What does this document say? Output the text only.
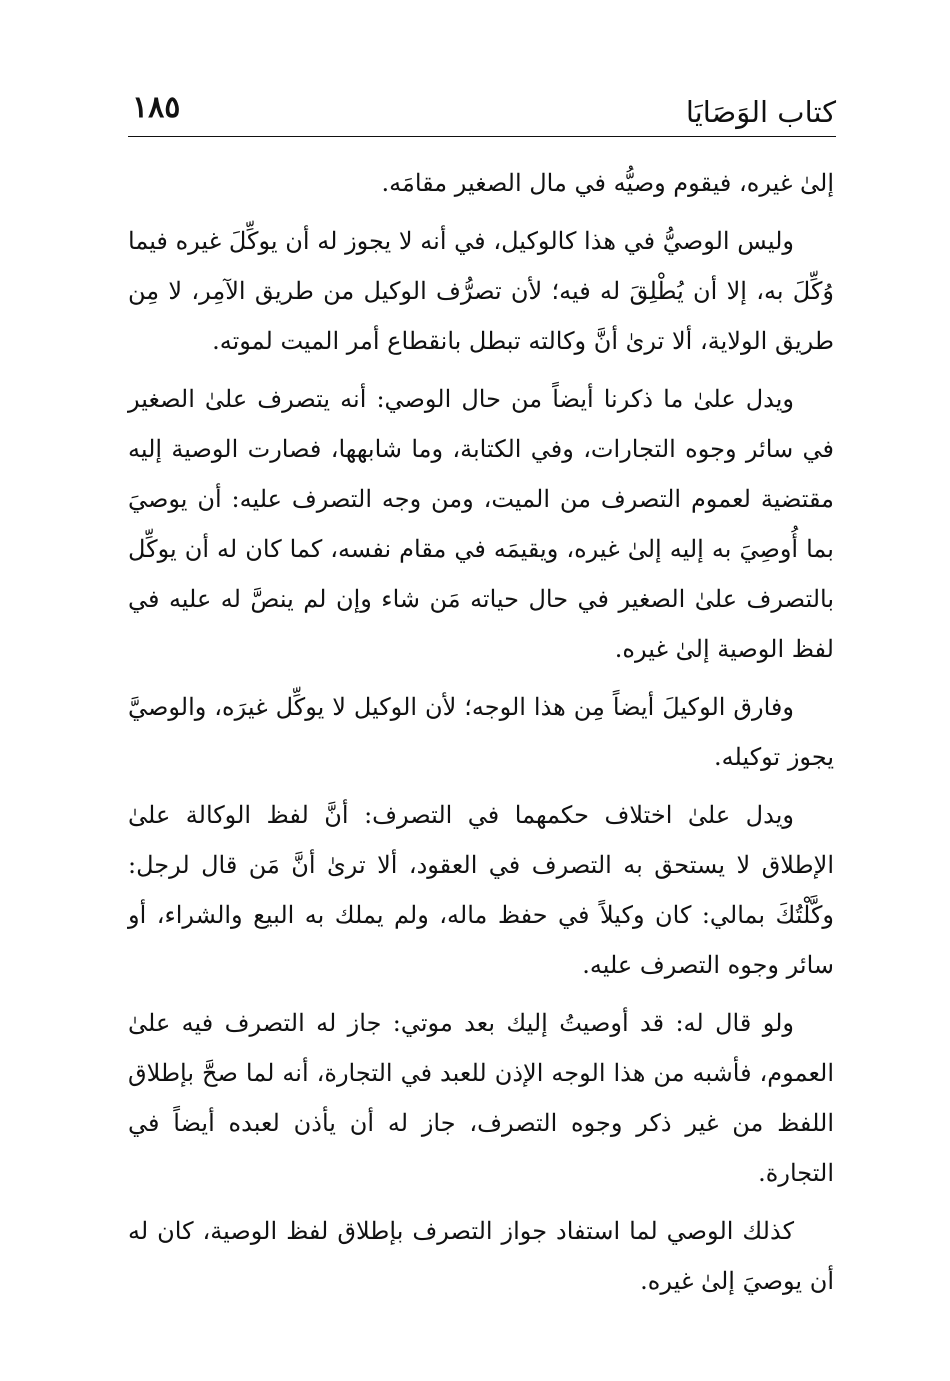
كتاب الوَصَايَا
١٨٥

إلىٰ غيره، فيقوم وصيُّه في مال الصغير مقامَه.

وليس الوصيُّ في هذا كالوكيل، في أنه لا يجوز له أن يوكِّلَ غيره فيما وُكِّلَ به، إلا أن يُطْلِقَ له فيه؛ لأن تصرُّف الوكيل من طريق الآمِر، لا مِن طريق الولاية، ألا ترىٰ أنَّ وكالته تبطل بانقطاع أمر الميت لموته.

ويدل علىٰ ما ذكرنا أيضاً من حال الوصي: أنه يتصرف علىٰ الصغير في سائر وجوه التجارات، وفي الكتابة، وما شابهها، فصارت الوصية إليه مقتضية لعموم التصرف من الميت، ومن وجه التصرف عليه: أن يوصيَ بما أُوصِيَ به إليه إلىٰ غيره، ويقيمَه في مقام نفسه، كما كان له أن يوكِّل بالتصرف علىٰ الصغير في حال حياته مَن شاء وإن لم ينصَّ له عليه في لفظ الوصية إلىٰ غيره.

وفارق الوكيلَ أيضاً مِن هذا الوجه؛ لأن الوكيل لا يوكِّل غيرَه، والوصيَّ يجوز توكيله.

ويدل علىٰ اختلاف حكمهما في التصرف: أنَّ لفظ الوكالة علىٰ الإطلاق لا يستحق به التصرف في العقود، ألا ترىٰ أنَّ مَن قال لرجل: وكَّلْتُكَ بمالي: كان وكيلاً في حفظ ماله، ولم يملك به البيع والشراء، أو سائر وجوه التصرف عليه.

ولو قال له: قد أوصيتُ إليك بعد موتي: جاز له التصرف فيه علىٰ العموم، فأشبه من هذا الوجه الإذن للعبد في التجارة، أنه لما صحَّ بإطلاق اللفظ من غير ذكر وجوه التصرف، جاز له أن يأذن لعبده أيضاً في التجارة.

كذلك الوصي لما استفاد جواز التصرف بإطلاق لفظ الوصية، كان له أن يوصيَ إلىٰ غيره.
